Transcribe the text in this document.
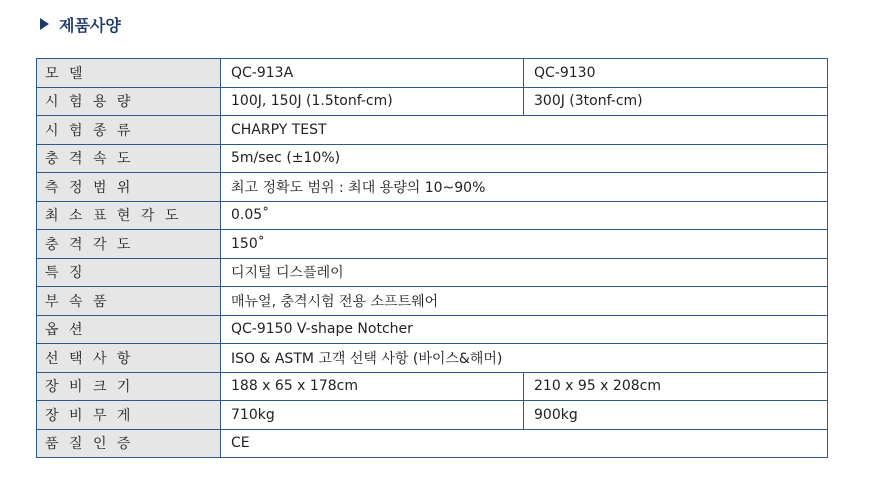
제품사양
모 델	QC-913A	QC-9130
시 험 용 량	100J, 150J (1.5tonf-cm)	300J (3tonf-cm)
시 험 종 류	CHARPY TEST	
충 격 속 도	5m/sec (±10%)	
측 정 범 위	최고 정확도 범위 : 최대 용량의 10~90%	
최 소 표 현 각 도	0.05˚	
충 격 각 도	150˚	
특 징	디지털 디스플레이	
부 속 품	매뉴얼, 충격시험 전용 소프트웨어	
옵 션	QC-9150 V-shape Notcher	
선 택 사 항	ISO & ASTM 고객 선택 사항 (바이스&해머)	
장 비 크 기	188 x 65 x 178cm	210 x 95 x 208cm
장 비 무 게	710kg	900kg
품 질 인 증	CE	
